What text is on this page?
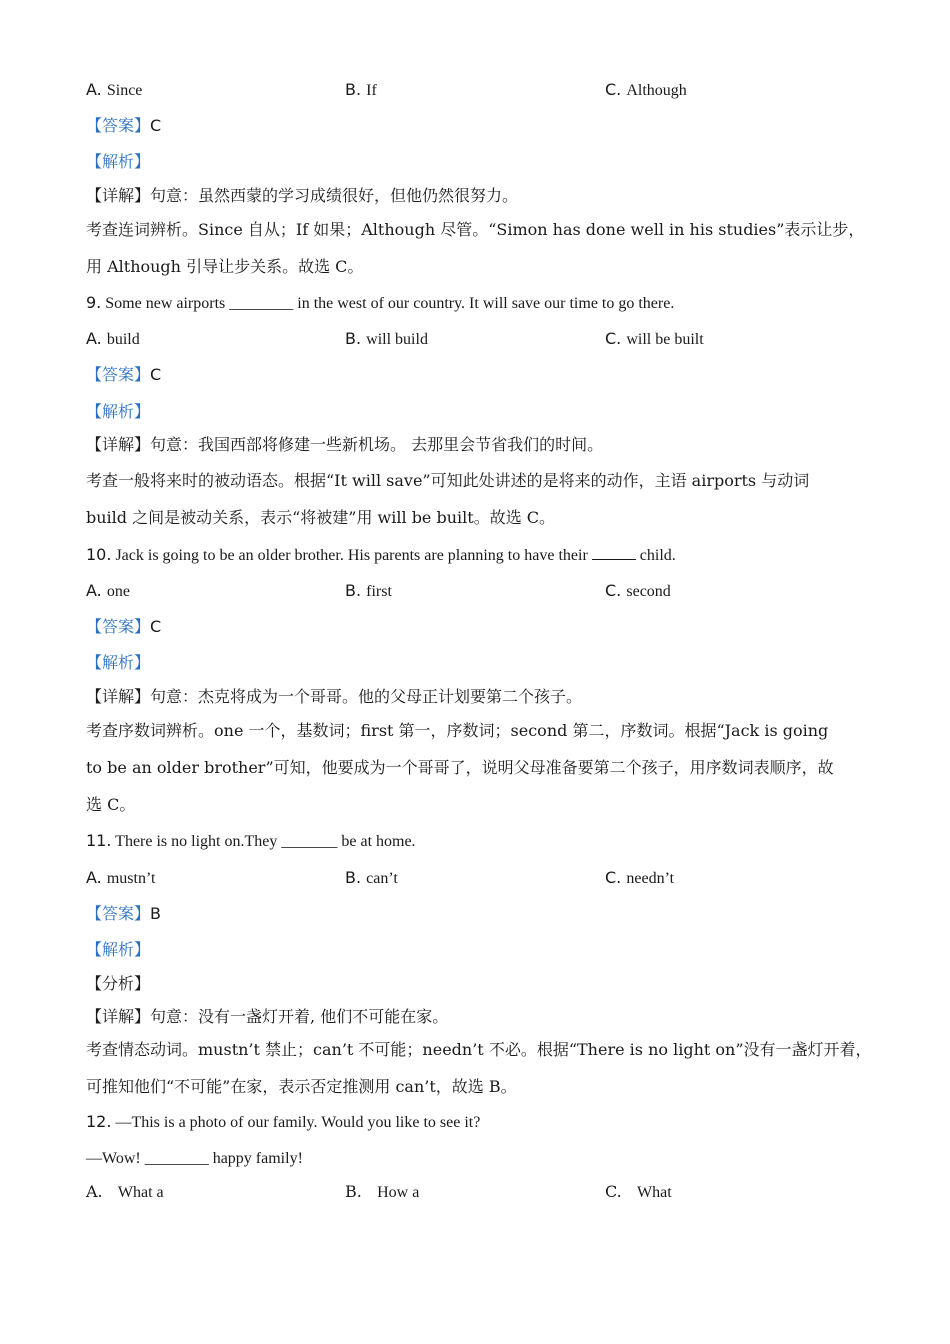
A. Since	B. If	C. Although
【答案】C
【解析】
【详解】句意：虽然西蒙的学习成绩很好，但他仍然很努力。
考查连词辨析。Since 自从；If 如果；Although 尽管。“Simon has done well in his studies”表示让步，
用 Although 引导让步关系。故选 C。
9. Some new airports ________ in the west of our country. It will save our time to go there.
A. build	B. will build	C. will be built
【答案】C
【解析】
【详解】句意：我国西部将修建一些新机场。 去那里会节省我们的时间。
考查一般将来时的被动语态。根据“It will save”可知此处讲述的是将来的动作，主语 airports 与动词
build 之间是被动关系，表示“将被建”用 will be built。故选 C。
10. Jack is going to be an older brother. His parents are planning to have their	child.
A. one	B. first	C. second
【答案】C
【解析】
【详解】句意：杰克将成为一个哥哥。他的父母正计划要第二个孩子。
考查序数词辨析。one 一个，基数词；first 第一，序数词；second 第二，序数词。根据“Jack is going
to be an older brother”可知，他要成为一个哥哥了，说明父母准备要第二个孩子，用序数词表顺序，故
选 C。
11. There is no light on.They _______ be at home.
A. mustn’t	B. can’t	C. needn’t
【答案】B
【解析】
【分析】
【详解】句意：没有一盏灯开着, 他们不可能在家。
考查情态动词。mustn’t 禁止；can’t 不可能；needn’t 不必。根据“There is no light on”没有一盏灯开着，
可推知他们“不可能”在家，表示否定推测用 can’t，故选 B。
12. —This is a photo of our family. Would you like to see it?
—Wow! ________ happy family!
A. What a	B. How a	C. What
